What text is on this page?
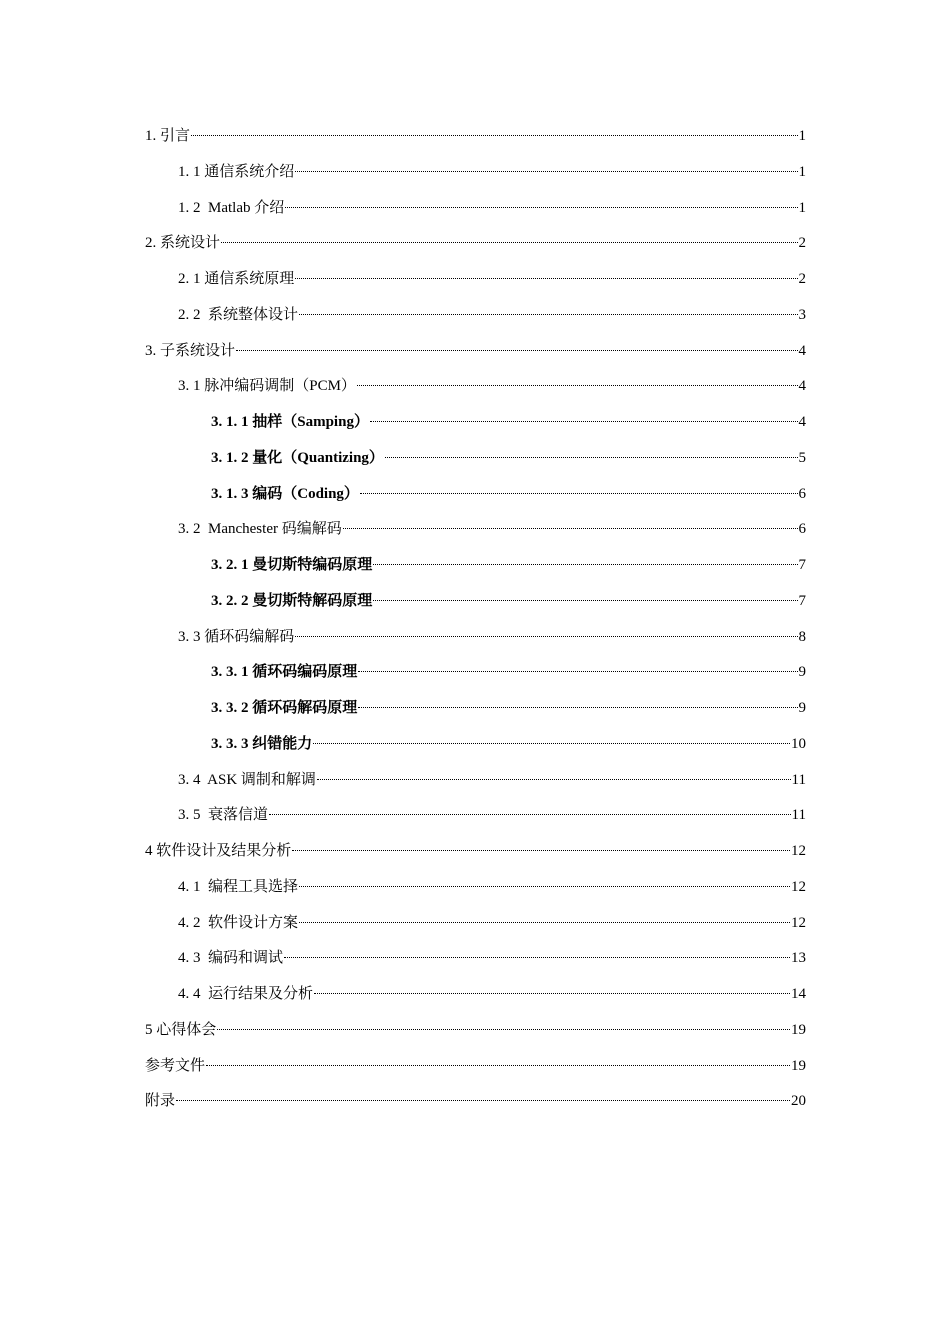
1. 引言	1
1. 1 通信系统介绍	1
1. 2  Matlab 介绍	1
2. 系统设计	2
2. 1 通信系统原理	2
2. 2  系统整体设计	3
3. 子系统设计	4
3. 1 脉冲编码调制（PCM）	4
3. 1. 1 抽样（Samping）	4
3. 1. 2 量化（Quantizing）	5
3. 1. 3 编码（Coding）	6
3. 2  Manchester 码编解码	6
3. 2. 1 曼切斯特编码原理	7
3. 2. 2 曼切斯特解码原理	7
3. 3 循环码编解码	8
3. 3. 1 循环码编码原理	9
3. 3. 2 循环码解码原理	9
3. 3. 3 纠错能力	10
3. 4  ASK 调制和解调	11
3. 5  衰落信道	11
4 软件设计及结果分析	12
4. 1  编程工具选择	12
4. 2  软件设计方案	12
4. 3  编码和调试	13
4. 4  运行结果及分析	14
5 心得体会	19
参考文件	19
附录	20
